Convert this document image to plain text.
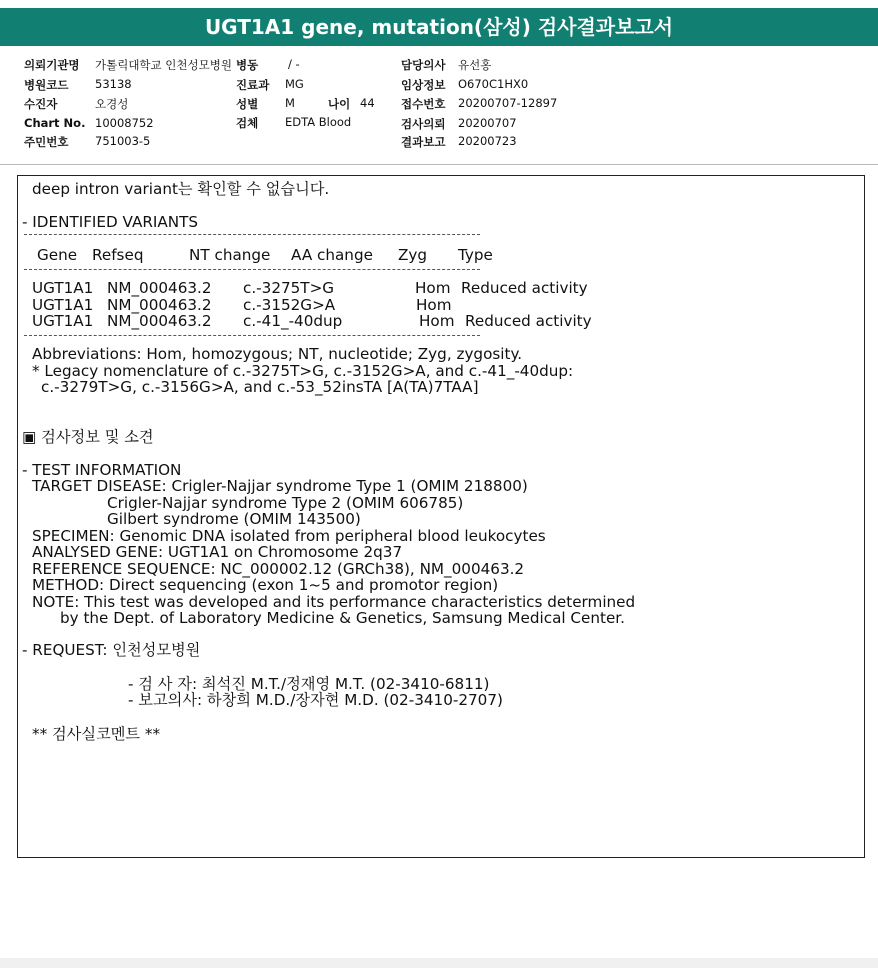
UGT1A1 gene, mutation(삼성) 검사결과보고서
의뢰기관명 가톨릭대학교 인천성모병원
병원코드 53138
수진자	오경성
Chart No. 10008752
주민번호 751003-5
병동	/ -
진료과 MG
성별 M	나이 44
검체 EDTA Blood
담당의사 유선홍
임상정보 O670C1HX0
접수번호 20200707-12897
검사의뢰 20200707
결과보고 20200723
deep intron variant는 확인할 수 없습니다.
- IDENTIFIED VARIANTS
Gene Refseq	NT change AA change Zyg Type
UGT1A1 NM_000463.2 c.-3275T>G	Hom Reduced activity
UGT1A1 NM_000463.2 c.-3152G>A	Hom
UGT1A1 NM_000463.2 c.-41_-40dup	Hom Reduced activity
Abbreviations: Hom, homozygous; NT, nucleotide; Zyg, zygosity.
* Legacy nomenclature of c.-3275T>G, c.-3152G>A, and c.-41_-40dup:
c.-3279T>G, c.-3156G>A, and c.-53_52insTA [A(TA)7TAA]
▣ 검사정보 및 소견
- TEST INFORMATION
TARGET DISEASE: Crigler-Najjar syndrome Type 1 (OMIM 218800)
Crigler-Najjar syndrome Type 2 (OMIM 606785)
Gilbert syndrome (OMIM 143500)
SPECIMEN: Genomic DNA isolated from peripheral blood leukocytes
ANALYSED GENE: UGT1A1 on Chromosome 2q37
REFERENCE SEQUENCE: NC_000002.12 (GRCh38), NM_000463.2
METHOD: Direct sequencing (exon 1~5 and promotor region)
NOTE: This test was developed and its performance characteristics determined
by the Dept. of Laboratory Medicine & Genetics, Samsung Medical Center.
- REQUEST: 인천성모병원
- 검 사 자: 최석진 M.T./정재영 M.T. (02-3410-6811)
- 보고의사: 하창희 M.D./장자현 M.D. (02-3410-2707)
** 검사실코멘트 **
